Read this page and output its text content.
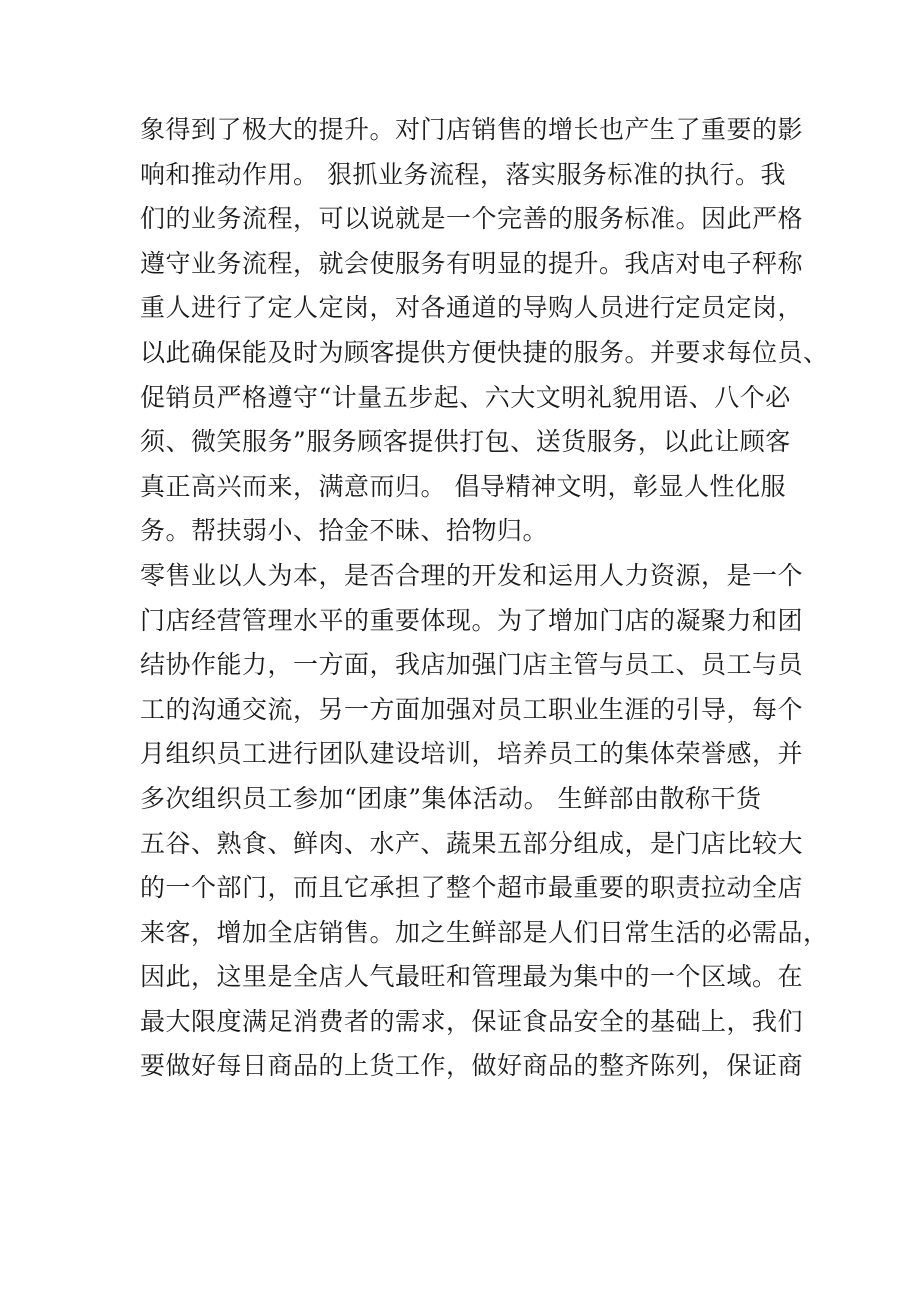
象得到了极大的提升。对门店销售的增长也产生了重要的影
响和推动作用。 狠抓业务流程，落实服务标准的执行。我
们的业务流程，可以说就是一个完善的服务标准。因此严格
遵守业务流程，就会使服务有明显的提升。我店对电子秤称
重人进行了定人定岗，对各通道的导购人员进行定员定岗，
以此确保能及时为顾客提供方便快捷的服务。并要求每位员、
促销员严格遵守“计量五步起、六大文明礼貌用语、八个必
须、微笑服务”服务顾客提供打包、送货服务，以此让顾客
真正高兴而来，满意而归。 倡导精神文明，彰显人性化服
务。帮扶弱小、拾金不昧、拾物归。
零售业以人为本，是否合理的开发和运用人力资源，是一个
门店经营管理水平的重要体现。为了增加门店的凝聚力和团
结协作能力，一方面，我店加强门店主管与员工、员工与员
工的沟通交流，另一方面加强对员工职业生涯的引导，每个
月组织员工进行团队建设培训，培养员工的集体荣誉感，并
多次组织员工参加“团康”集体活动。 生鲜部由散称干货
五谷、熟食、鲜肉、水产、蔬果五部分组成，是门店比较大
的一个部门，而且它承担了整个超市最重要的职责拉动全店
来客，增加全店销售。加之生鲜部是人们日常生活的必需品，
因此，这里是全店人气最旺和管理最为集中的一个区域。在
最大限度满足消费者的需求，保证食品安全的基础上，我们
要做好每日商品的上货工作，做好商品的整齐陈列，保证商
